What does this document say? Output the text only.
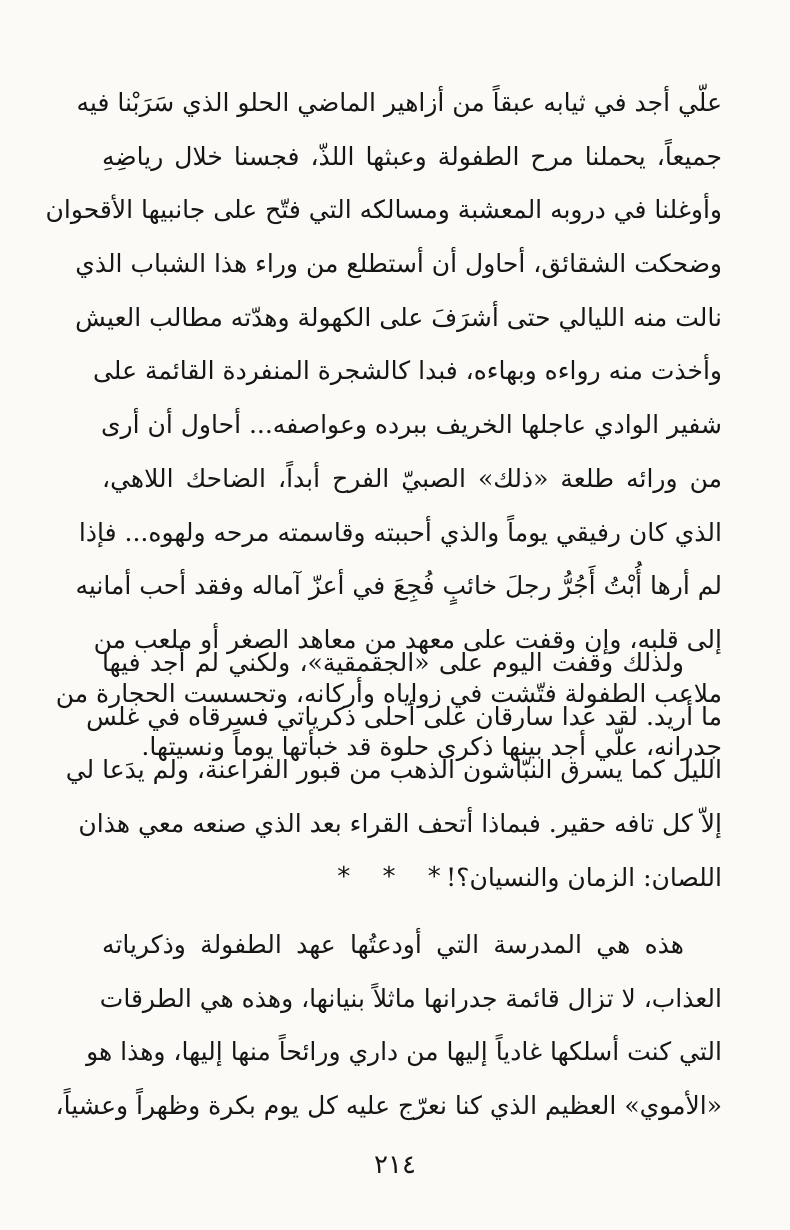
علّي أجد في ثيابه عبقاً من أزاهير الماضي الحلو الذي سَرَبْنا فيه
جميعاً، يحملنا مرح الطفولة وعبثها اللذّ، فجسنا خلال رياضِهِ
وأوغلنا في دروبه المعشبة ومسالكه التي فتّح على جانبيها الأقحوان
وضحكت الشقائق، أحاول أن أستطلع من وراء هذا الشباب الذي
نالت منه الليالي حتى أشرَفَ على الكهولة وهدّته مطالب العيش
وأخذت منه رواءه وبهاءه، فبدا كالشجرة المنفردة القائمة على
شفير الوادي عاجلها الخريف ببرده وعواصفه... أحاول أن أرى
من ورائه طلعة «ذلك» الصبيّ الفرح أبداً، الضاحك اللاهي،
الذي كان رفيقي يوماً والذي أحببته وقاسمته مرحه ولهوه... فإذا
لم أرها أُبْتُ أَجُرُّ رجلَ خائبٍ فُجِعَ في أعزّ آماله وفقد أحب أمانيه
إلى قلبه، وإن وقفت على معهد من معاهد الصغر أو ملعب من
ملاعب الطفولة فتّشت في زواياه وأركانه، وتحسست الحجارة من
جدرانه، علّي أجد بينها ذكرى حلوة قد خبأتها يوماً ونسيتها.
ولذلك وقفت اليوم على «الجقمقية»، ولكني لم أجد فيها
ما أريد. لقد عدا سارقان على أحلى ذكرياتي فسرقاه في غلس
الليل كما يسرق النبّاشون الذهب من قبور الفراعنة، ولم يدَعا لي
إلاّ كل تافه حقير. فبماذا أتحف القراء بعد الذي صنعه معي هذان
اللصان: الزمان والنسيان؟!
* * *
هذه هي المدرسة التي أودعتُها عهد الطفولة وذكرياته
العذاب، لا تزال قائمة جدرانها ماثلاً بنيانها، وهذه هي الطرقات
التي كنت أسلكها غادياً إليها من داري ورائحاً منها إليها، وهذا هو
«الأموي» العظيم الذي كنا نعرّج عليه كل يوم بكرة وظهراً وعشياً،
٢١٤
